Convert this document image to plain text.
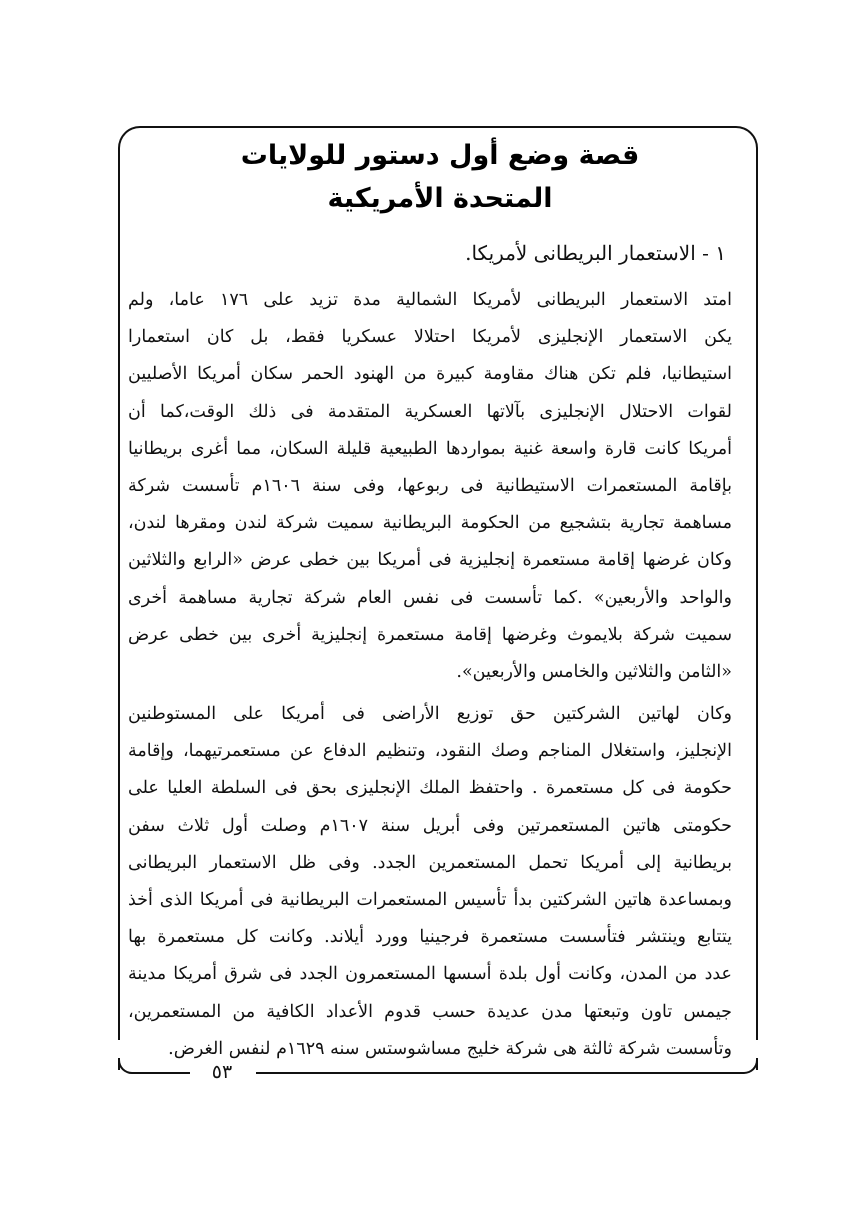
قصة وضع أول دستور للولايات
المتحدة الأمريكية
١ - الاستعمار البريطانى لأمريكا.
امتد الاستعمار البريطانى لأمريكا الشمالية مدة تزيد على ١٧٦ عاما، ولم
يكن الاستعمار الإنجليزى لأمريكا احتلالا عسكريا فقط، بل كان استعمارا
استيطانيا، فلم تكن هناك مقاومة كبيرة من الهنود الحمر سكان أمريكا الأصليين
لقوات الاحتلال الإنجليزى بآلاتها العسكرية المتقدمة فى ذلك الوقت،كما أن
أمريكا كانت قارة واسعة غنية بمواردها الطبيعية قليلة السكان، مما أغرى بريطانيا
بإقامة المستعمرات الاستيطانية فى ربوعها، وفى سنة ١٦٠٦م تأسست شركة
مساهمة تجارية بتشجيع من الحكومة البريطانية سميت شركة لندن ومقرها لندن،
وكان غرضها إقامة مستعمرة إنجليزية فى أمريكا بين خطى عرض «الرابع والثلاثين
والواحد والأربعين» .كما تأسست فى نفس العام شركة تجارية مساهمة أخرى
سميت شركة بلايموث وغرضها إقامة مستعمرة إنجليزية أخرى بين خطى عرض
«الثامن والثلاثين والخامس والأربعين».
وكان لهاتين الشركتين حق توزيع الأراضى فى أمريكا على المستوطنين
الإنجليز، واستغلال المناجم وصك النقود، وتنظيم الدفاع عن مستعمرتيهما، وإقامة
حكومة فى كل مستعمرة . واحتفظ الملك الإنجليزى بحق فى السلطة العليا على
حكومتى هاتين المستعمرتين وفى أبريل سنة ١٦٠٧م وصلت أول ثلاث سفن
بريطانية إلى أمريكا تحمل المستعمرين الجدد. وفى ظل الاستعمار البريطانى
وبمساعدة هاتين الشركتين بدأ تأسيس المستعمرات البريطانية فى أمريكا الذى أخذ
يتتابع وينتشر فتأسست مستعمرة فرجينيا وورد أيلاند. وكانت كل مستعمرة بها
عدد من المدن، وكانت أول بلدة أسسها المستعمرون الجدد فى شرق أمريكا مدينة
جيمس تاون وتبعتها مدن عديدة حسب قدوم الأعداد الكافية من المستعمرين،
وتأسست شركة ثالثة هى شركة خليج مساشوستس سنه ١٦٢٩م لنفس الغرض.
٥٣
